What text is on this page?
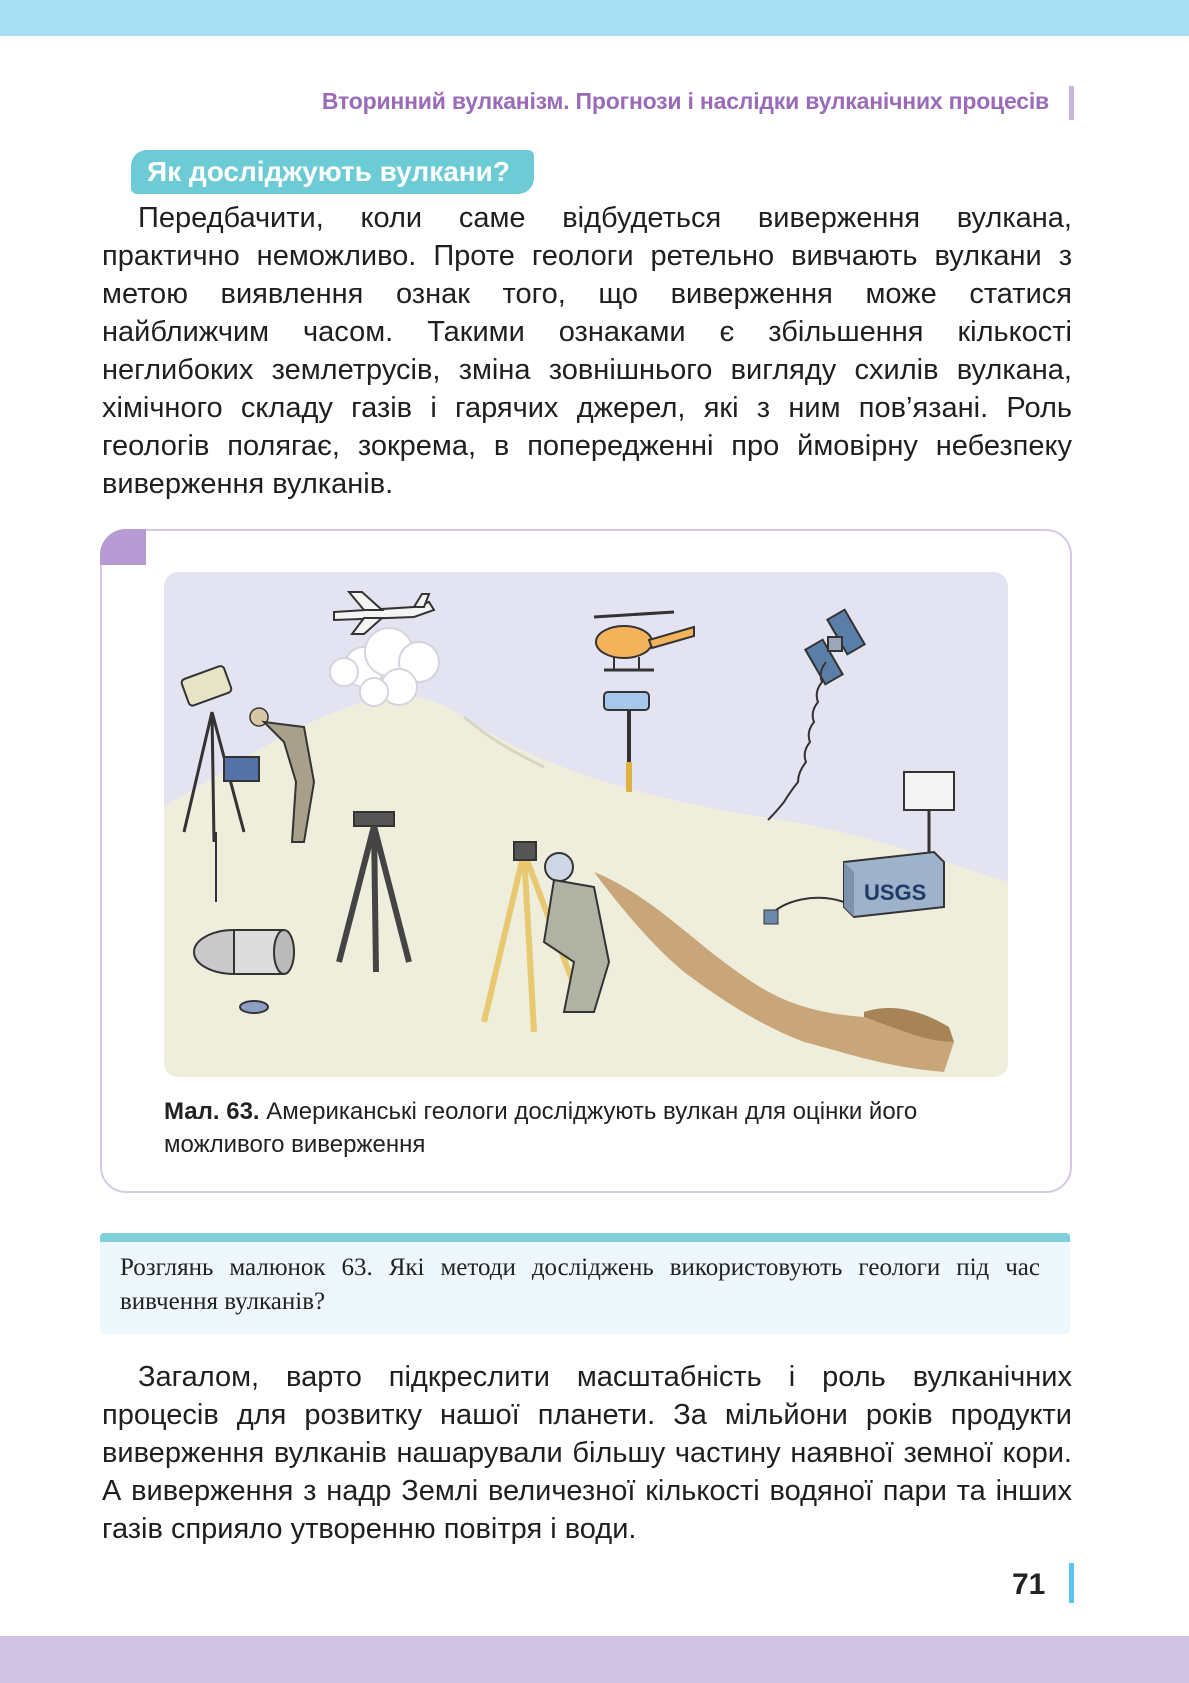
Вторинний вулканізм. Прогнози і наслідки вулканічних процесів
Як досліджують вулкани?

Передбачити, коли саме відбудеться виверження вулкана, практично неможливо. Проте геологи ретельно вивчають вулкани з метою виявлення ознак того, що виверження може статися найближчим часом. Такими ознаками є збільшення кількості неглибоких землетрусів, зміна зовнішнього вигляду схилів вулкана, хімічного складу газів і гарячих джерел, які з ним пов’язані. Роль геологів полягає, зокрема, в попередженні про ймовірну небезпеку виверження вулканів.

USGS
Мал. 63. Американські геологи досліджують вулкан для оцінки його можливого виверження
Розглянь малюнок 63. Які методи досліджень використовують геологи під час вивчення вулканів?

Загалом, варто підкреслити масштабність і роль вулканічних процесів для розвитку нашої планети. За мільйони років продукти виверження вулканів нашарували більшу частину наявної земної кори. А виверження з надр Землі величезної кількості водяної пари та інших газів сприяло утворенню повітря і води.

71
